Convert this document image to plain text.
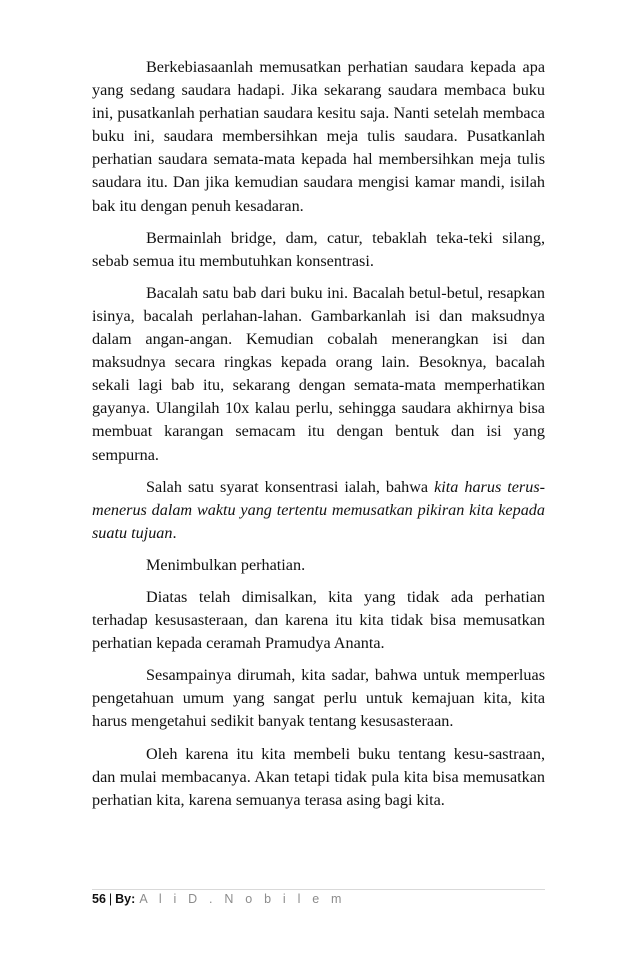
Berkebiasaanlah memusatkan perhatian saudara kepada apa yang sedang saudara hadapi. Jika sekarang saudara membaca buku ini, pusatkanlah perhatian saudara kesitu saja. Nanti setelah membaca buku ini, saudara membersihkan meja tulis saudara. Pusatkanlah perhatian saudara semata-mata kepada hal membersihkan meja tulis saudara itu. Dan jika kemudian saudara mengisi kamar mandi, isilah bak itu dengan penuh kesadaran.

Bermainlah bridge, dam, catur, tebaklah teka-teki silang, sebab semua itu membutuhkan konsentrasi.

Bacalah satu bab dari buku ini. Bacalah betul-betul, resapkan isinya, bacalah perlahan-lahan. Gambarkanlah isi dan maksudnya dalam angan-angan. Kemudian cobalah menerangkan isi dan maksudnya secara ringkas kepada orang lain. Besoknya, bacalah sekali lagi bab itu, sekarang dengan semata-mata memperhatikan gayanya. Ulangilah 10x kalau perlu, sehingga saudara akhirnya bisa membuat karangan semacam itu dengan bentuk dan isi yang sempurna.

Salah satu syarat konsentrasi ialah, bahwa kita harus terus-menerus dalam waktu yang tertentu memusatkan pikiran kita kepada suatu tujuan.

Menimbulkan perhatian.

Diatas telah dimisalkan, kita yang tidak ada perhatian terhadap kesusasteraan, dan karena itu kita tidak bisa memusatkan perhatian kepada ceramah Pramudya Ananta.

Sesampainya dirumah, kita sadar, bahwa untuk memperluas pengetahuan umum yang sangat perlu untuk kemajuan kita, kita harus mengetahui sedikit banyak tentang kesusasteraan.

Oleh karena itu kita membeli buku tentang kesu-sastraan, dan mulai membacanya. Akan tetapi tidak pula kita bisa memusatkan perhatian kita, karena semuanya terasa asing bagi kita.

56 | By: A l i D . N o b i l e m
